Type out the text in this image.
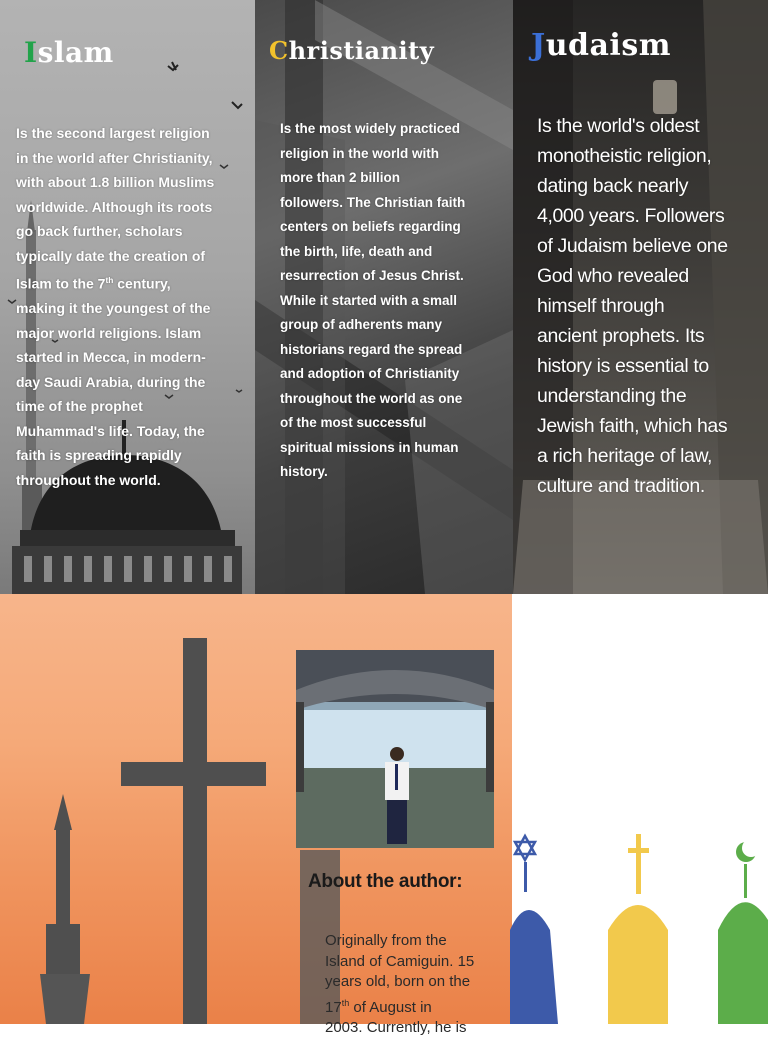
Islam
Is the second largest religion
in the world after Christianity,
with about 1.8 billion Muslims
worldwide. Although its roots
go back further, scholars
typically date the creation of
Islam to the 7th century,
making it the youngest of the
major world religions. Islam
started in Mecca, in modern-
day Saudi Arabia, during the
time of the prophet
Muhammad's life. Today, the
faith is spreading rapidly
throughout the world.
Christianity
Is the most widely practiced
religion in the world with
more than 2 billion
followers. The Christian faith
centers on beliefs regarding
the birth, life, death and
resurrection of Jesus Christ.
While it started with a small
group of adherents many
historians regard the spread
and adoption of Christianity
throughout the world as one
of the most successful
spiritual missions in human
history.
Judaism
Is the world's oldest
monotheistic religion,
dating back nearly
4,000 years. Followers
of Judaism believe one
God who revealed
himself through
ancient prophets. Its
history is essential to
understanding the
Jewish faith, which has
a rich heritage of law,
culture and tradition.
About the author:
Originally from the
Island of Camiguin. 15
years old, born on the
17th of August in
2003. Currently, he is
